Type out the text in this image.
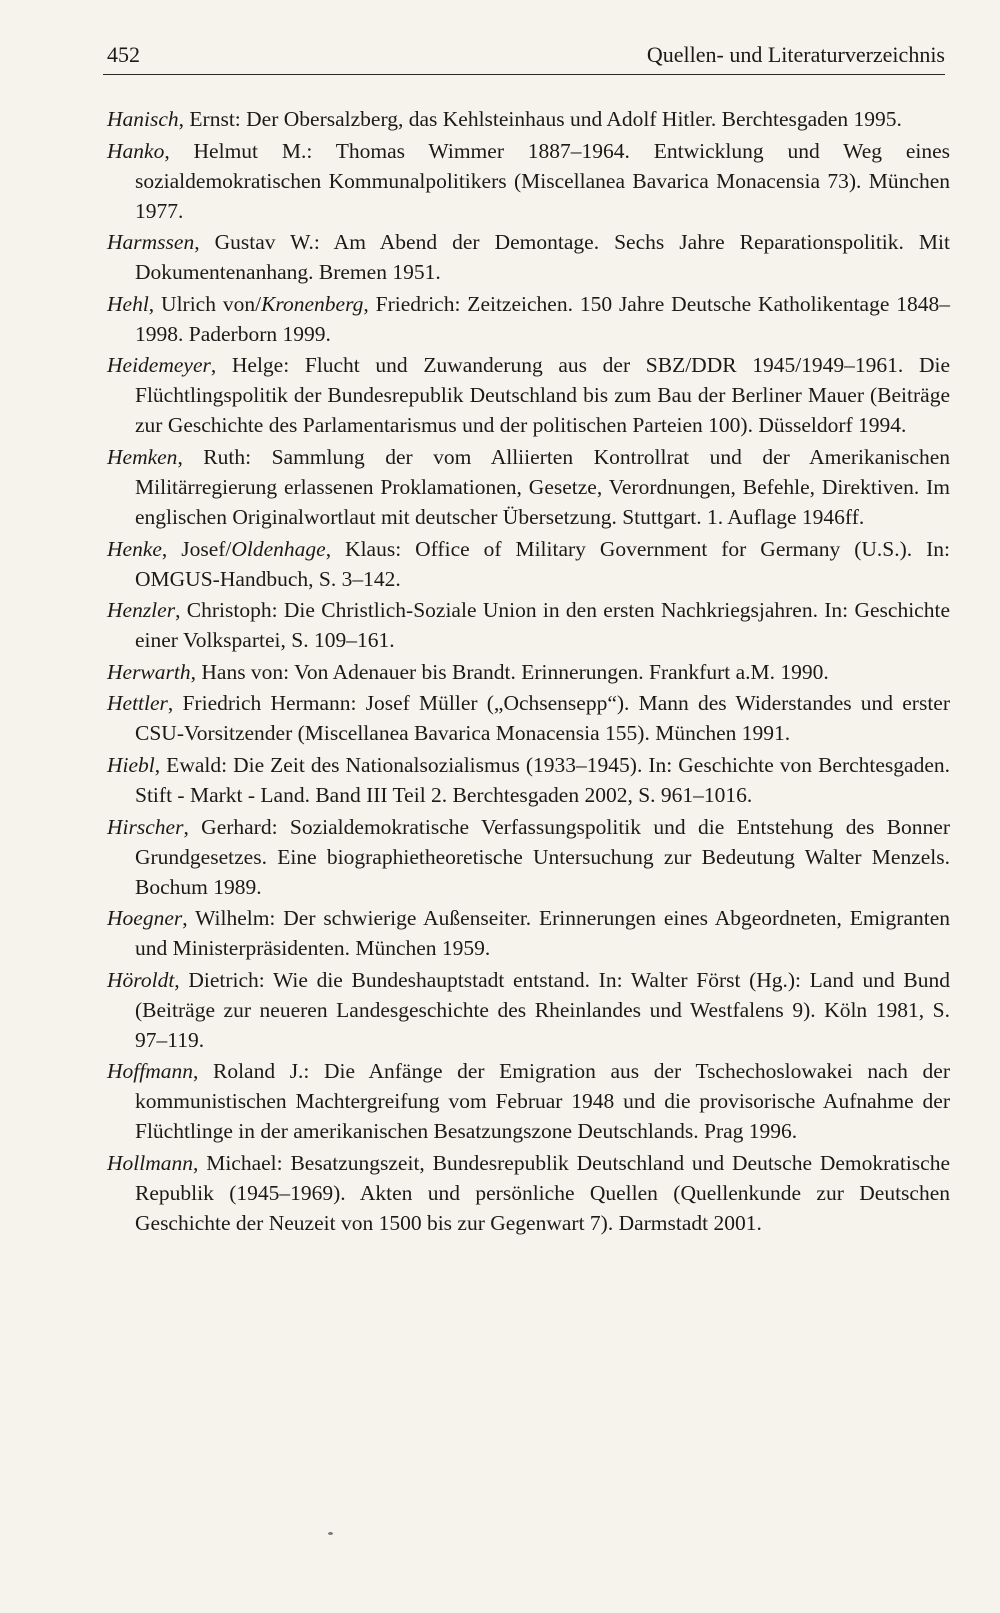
452	Quellen- und Literaturverzeichnis

Hanisch, Ernst: Der Obersalzberg, das Kehlsteinhaus und Adolf Hitler. Berchtesgaden 1995.

Hanko, Helmut M.: Thomas Wimmer 1887–1964. Entwicklung und Weg eines sozialdemokratischen Kommunalpolitikers (Miscellanea Bavarica Monacensia 73). München 1977.

Harmssen, Gustav W.: Am Abend der Demontage. Sechs Jahre Reparationspolitik. Mit Dokumentenanhang. Bremen 1951.

Hehl, Ulrich von/Kronenberg, Friedrich: Zeitzeichen. 150 Jahre Deutsche Katholikentage 1848–1998. Paderborn 1999.

Heidemeyer, Helge: Flucht und Zuwanderung aus der SBZ/DDR 1945/1949–1961. Die Flüchtlingspolitik der Bundesrepublik Deutschland bis zum Bau der Berliner Mauer (Beiträge zur Geschichte des Parlamentarismus und der politischen Parteien 100). Düsseldorf 1994.

Hemken, Ruth: Sammlung der vom Alliierten Kontrollrat und der Amerikanischen Militärregierung erlassenen Proklamationen, Gesetze, Verordnungen, Befehle, Direktiven. Im englischen Originalwortlaut mit deutscher Übersetzung. Stuttgart. 1. Auflage 1946ff.

Henke, Josef/Oldenhage, Klaus: Office of Military Government for Germany (U.S.). In: OMGUS-Handbuch, S. 3–142.

Henzler, Christoph: Die Christlich-Soziale Union in den ersten Nachkriegsjahren. In: Geschichte einer Volkspartei, S. 109–161.

Herwarth, Hans von: Von Adenauer bis Brandt. Erinnerungen. Frankfurt a.M. 1990.

Hettler, Friedrich Hermann: Josef Müller („Ochsensepp“). Mann des Widerstandes und erster CSU-Vorsitzender (Miscellanea Bavarica Monacensia 155). München 1991.

Hiebl, Ewald: Die Zeit des Nationalsozialismus (1933–1945). In: Geschichte von Berchtesgaden. Stift - Markt - Land. Band III Teil 2. Berchtesgaden 2002, S. 961–1016.

Hirscher, Gerhard: Sozialdemokratische Verfassungspolitik und die Entstehung des Bonner Grundgesetzes. Eine biographietheoretische Untersuchung zur Bedeutung Walter Menzels. Bochum 1989.

Hoegner, Wilhelm: Der schwierige Außenseiter. Erinnerungen eines Abgeordneten, Emigranten und Ministerpräsidenten. München 1959.

Höroldt, Dietrich: Wie die Bundeshauptstadt entstand. In: Walter Först (Hg.): Land und Bund (Beiträge zur neueren Landesgeschichte des Rheinlandes und Westfalens 9). Köln 1981, S. 97–119.

Hoffmann, Roland J.: Die Anfänge der Emigration aus der Tschechoslowakei nach der kommunistischen Machtergreifung vom Februar 1948 und die provisorische Aufnahme der Flüchtlinge in der amerikanischen Besatzungszone Deutschlands. Prag 1996.

Hollmann, Michael: Besatzungszeit, Bundesrepublik Deutschland und Deutsche Demokratische Republik (1945–1969). Akten und persönliche Quellen (Quellenkunde zur Deutschen Geschichte der Neuzeit von 1500 bis zur Gegenwart 7). Darmstadt 2001.
